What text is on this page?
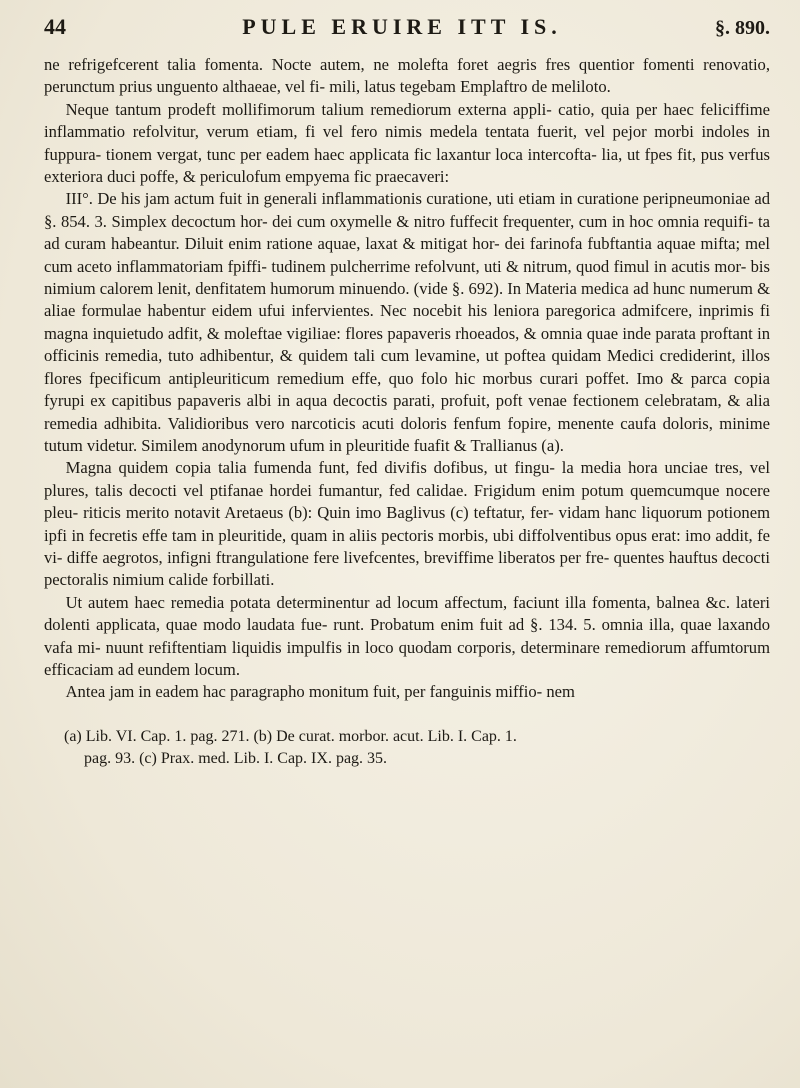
44	PULE ERUIRE ITT IS.	§. 890.

ne refrigefcerent talia fomenta. Nocte autem, ne molefta foret aegris fres quentior fomenti renovatio, perunctum prius unguento althaeae, vel fi- mili, latus tegebam Emplaftro de meliloto.

Neque tantum prodeft mollifimorum talium remediorum externa appli- catio, quia per haec feliciffime inflammatio refolvitur, verum etiam, fi vel fero nimis medela tentata fuerit, vel pejor morbi indoles in fuppura- tionem vergat, tunc per eadem haec applicata fic laxantur loca intercofta- lia, ut fpes fit, pus verfus exteriora duci poffe, & periculofum empyema fic praecaveri:

III°. De his jam actum fuit in generali inflammationis curatione, uti etiam in curatione peripneumoniae ad §. 854. 3. Simplex decoctum hor- dei cum oxymelle & nitro fuffecit frequenter, cum in hoc omnia requifi- ta ad curam habeantur. Diluit enim ratione aquae, laxat & mitigat hor- dei farinofa fubftantia aquae mifta; mel cum aceto inflammatoriam fpiffi- tudinem pulcherrime refolvunt, uti & nitrum, quod fimul in acutis mor- bis nimium calorem lenit, denfitatem humorum minuendo. (vide §. 692). In Materia medica ad hunc numerum & aliae formulae habentur eidem ufui infervientes. Nec nocebit his leniora paregorica admifcere, inprimis fi magna inquietudo adfit, & moleftae vigiliae: flores papaveris rhoeados, & omnia quae inde parata proftant in officinis remedia, tuto adhibentur, & quidem tali cum levamine, ut poftea quidam Medici crediderint, illos flores fpecificum antipleuriticum remedium effe, quo folo hic morbus curari poffet. Imo & parca copia fyrupi ex capitibus papaveris albi in aqua decoctis parati, profuit, poft venae fectionem celebratam, & alia remedia adhibita. Validioribus vero narcoticis acuti doloris fenfum fopire, menente caufa doloris, minime tutum videtur. Similem anodynorum ufum in pleuritide fuafit & Trallianus (a).

Magna quidem copia talia fumenda funt, fed divifis dofibus, ut fingu- la media hora unciae tres, vel plures, talis decocti vel ptifanae hordei fumantur, fed calidae. Frigidum enim potum quemcumque nocere pleu- riticis merito notavit Aretaeus (b): Quin imo Baglivus (c) teftatur, fer- vidam hanc liquorum potionem ipfi in fecretis effe tam in pleuritide, quam in aliis pectoris morbis, ubi diffolventibus opus erat: imo addit, fe vi- diffe aegrotos, infigni ftrangulatione fere livefcentes, breviffime liberatos per fre- quentes hauftus decocti pectoralis nimium calide forbillati.

Ut autem haec remedia potata determinentur ad locum affectum, faciunt illa fomenta, balnea &c. lateri dolenti applicata, quae modo laudata fue- runt. Probatum enim fuit ad §. 134. 5. omnia illa, quae laxando vafa mi- nuunt refiftentiam liquidis impulfis in loco quodam corporis, determinare remediorum affumtorum efficaciam ad eundem locum.

Antea jam in eadem hac paragrapho monitum fuit, per fanguinis miffio- nem

(a) Lib. VI. Cap. 1. pag. 271. (b) De curat. morbor. acut. Lib. I. Cap. 1.
pag. 93. (c) Prax. med. Lib. I. Cap. IX. pag. 35.
